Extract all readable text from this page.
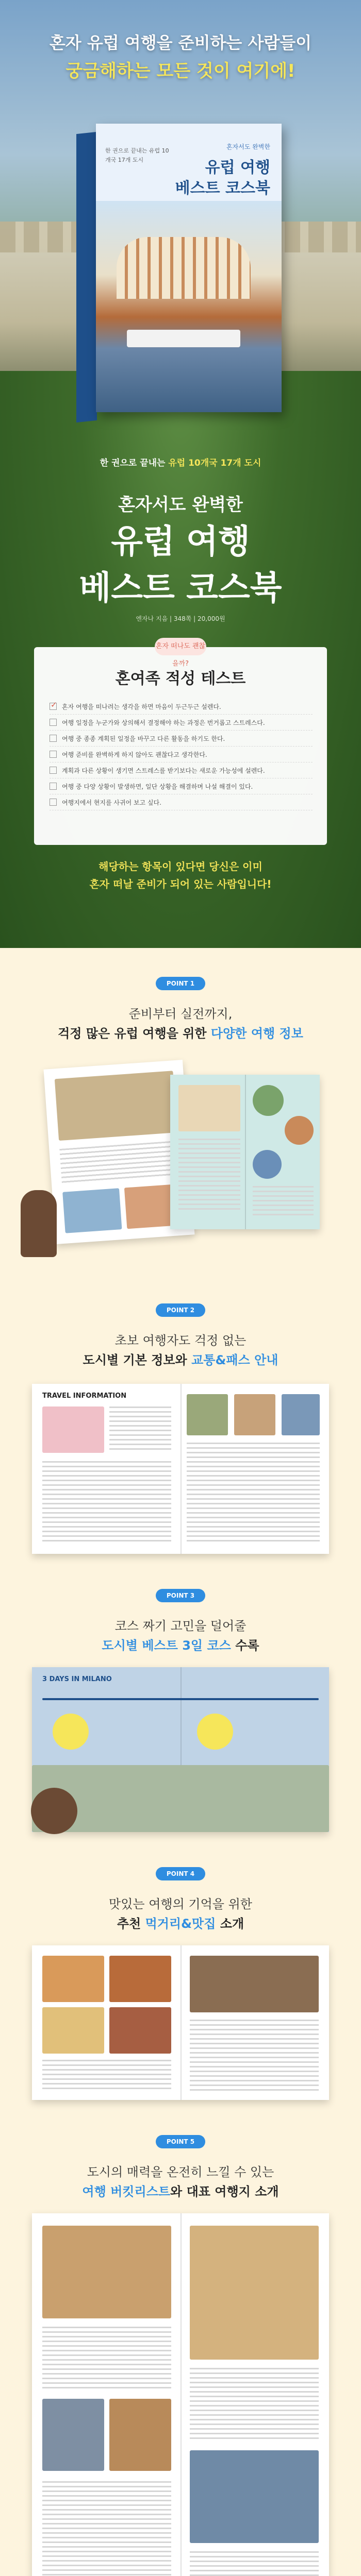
혼자 유럽 여행을 준비하는 사람들이
궁금해하는 모든 것이 여기에!
한 권으로 끝내는 유럽 10개국 17개 도시
혼자서도 완벽한
유럽 여행
베스트 코스북
한 권으로 끝내는 유럽 10개국 17개 도시
혼자서도 완벽한
유럽 여행
베스트 코스북
엔자나 지음 | 348쪽 | 20,000원
혼자 떠나도 괜찮을까?
혼여족 적성 테스트
✓
혼자 여행을 떠나려는 생각을 하면 마음이 두근두근 설렌다.
여행 일정을 누군가와 상의해서 결정해야 하는 과정은 번거롭고 스트레스다.
여행 중 종종 계획된 일정을 바꾸고 다른 활동을 하기도 한다.
여행 준비를 완벽하게 하지 않아도 괜찮다고 생각한다.
계획과 다른 상황이 생기면 스트레스를 받기보다는 새로운 가능성에 설렌다.
여행 중 다양 상황이 발생하면, 일단 상황을 해결하며 나설 해결이 있다.
여행지에서 현지를 사귀어 보고 싶다.
해당하는 항목이 있다면 당신은 이미
혼자 떠날 준비가 되어 있는 사람입니다!
POINT 1
준비부터 실전까지,
걱정 많은 유럽 여행을 위한 다양한 여행 정보
POINT 2
초보 여행자도 걱정 없는
도시별 기본 정보와 교통&패스 안내
TRAVEL INFORMATION
POINT 3
코스 짜기 고민을 덜어줄
도시별 베스트 3일 코스 수록
3 DAYS IN MILANO
POINT 4
맛있는 여행의 기억을 위한
추천 먹거리&맛집 소개
POINT 5
도시의 매력을 온전히 느낄 수 있는
여행 버킷리스트와 대표 여행지 소개
